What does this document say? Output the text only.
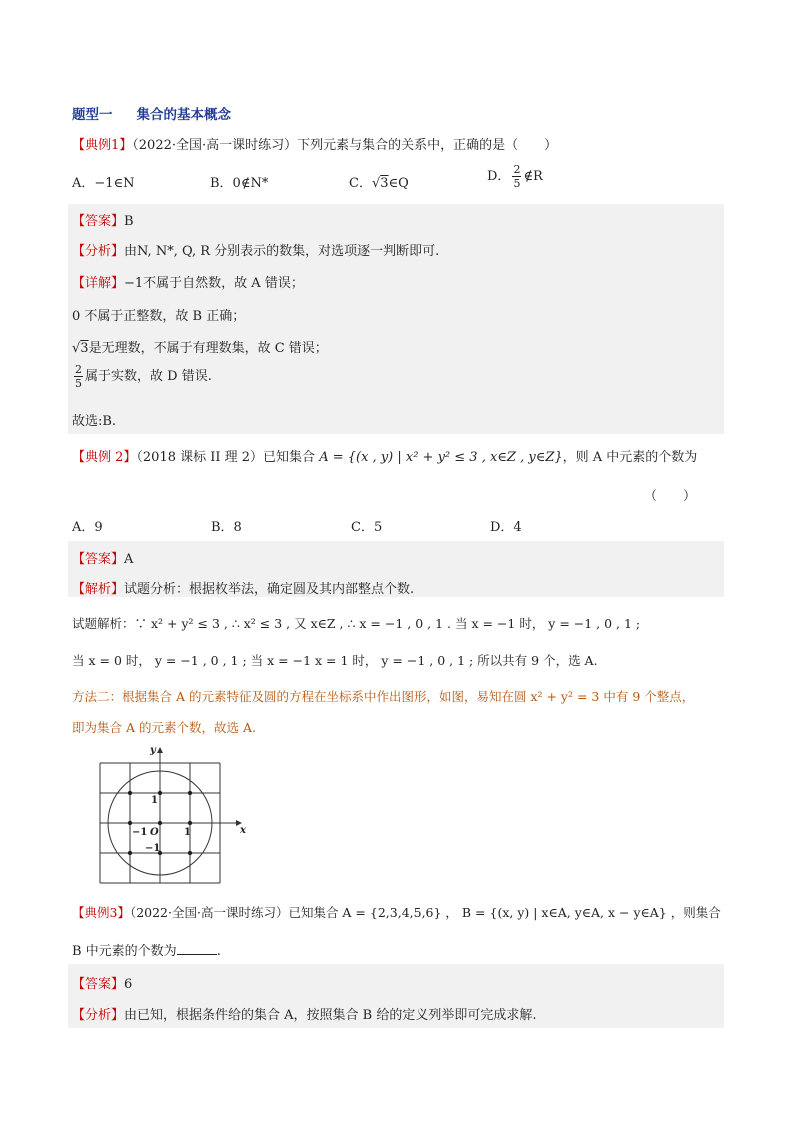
题型一 集合的基本概念
【典例1】（2022·全国·高一课时练习）下列元素与集合的关系中，正确的是（　　）
A．−1∈N	B．0∉N*	C．√3∈Q	D． $\frac{2}{5}$ ∉R
【答案】B
【分析】由N, N*, Q, R 分别表示的数集，对选项逐一判断即可.
【详解】−1不属于自然数，故 A 错误；
0 不属于正整数，故 B 正确；
√3是无理数，不属于有理数集，故 C 错误；
$\frac{2}{5}$ 属于实数，故 D 错误.
故选:B.
【典例 2】（2018 课标 II 理 2）已知集合 A = {(x , y) | x² + y² ≤ 3 , x∈Z , y∈Z}，则 A 中元素的个数为
（　　）
A．9	B．8	C．5	D．4
【答案】A
【解析】试题分析：根据枚举法，确定圆及其内部整点个数.
试题解析：∵ x² + y² ≤ 3 , ∴ x² ≤ 3 , 又 x∈Z , ∴ x = −1 , 0 , 1 . 当 x = −1 时， y = −1 , 0 , 1 ;
当 x = 0 时， y = −1 , 0 , 1 ; 当 x = −1 x = 1 时， y = −1 , 0 , 1 ; 所以共有 9 个，选 A.
方法二：根据集合 A 的元素特征及圆的方程在坐标系中作出图形，如图，易知在圆 x² + y² = 3 中有 9 个整点，
即为集合 A 的元素个数，故选 A.
x
y
O	1
−1
1
−1
【典例3】（2022·全国·高一课时练习）已知集合 A = {2,3,4,5,6} ， B = {(x, y) | x∈A, y∈A, x − y∈A} ，则集合
B 中元素的个数为	.
【答案】6
【分析】由已知，根据条件给的集合 A，按照集合 B 给的定义列举即可完成求解.
